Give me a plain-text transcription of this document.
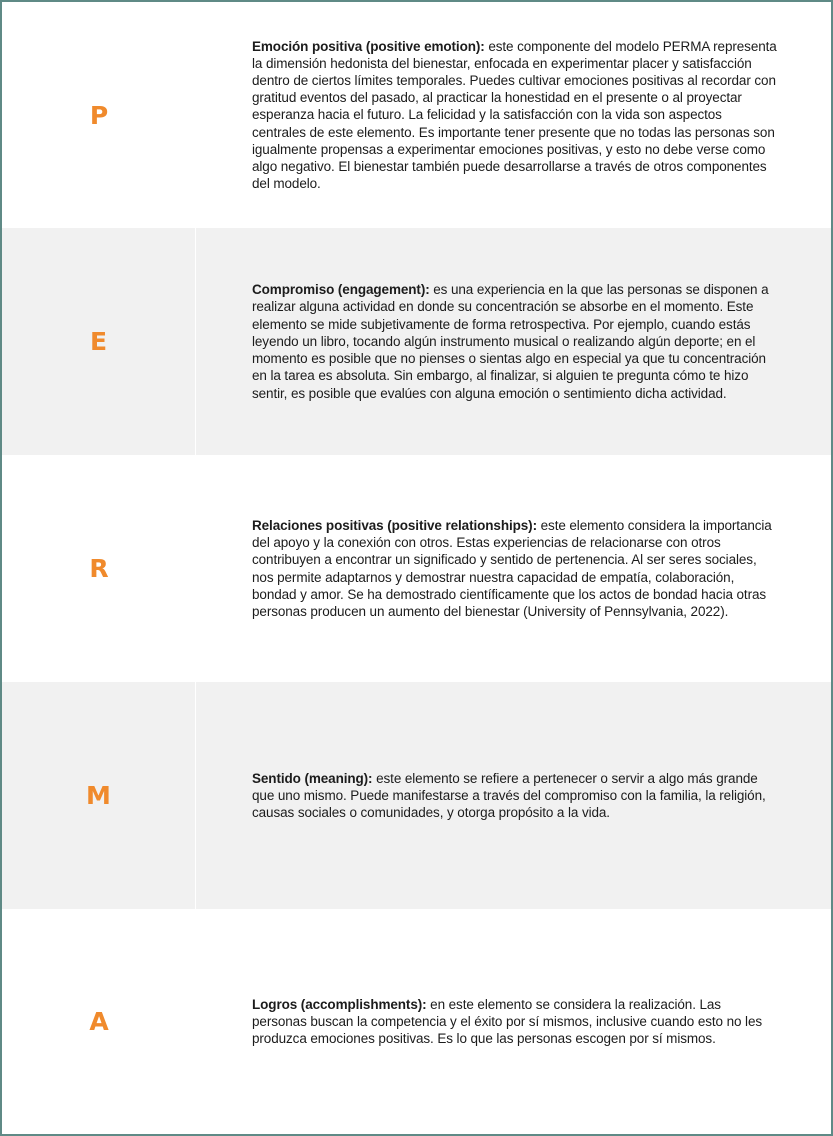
P

Emoción positiva (positive emotion): este componente del modelo PERMA representa la dimensión hedonista del bienestar, enfocada en experimentar placer y satisfacción dentro de ciertos límites temporales. Puedes cultivar emociones positivas al recordar con gratitud eventos del pasado, al practicar la honestidad en el presente o al proyectar esperanza hacia el futuro. La felicidad y la satisfacción con la vida son aspectos centrales de este elemento. Es importante tener presente que no todas las personas son igualmente propensas a experimentar emociones positivas, y esto no debe verse como algo negativo. El bienestar también puede desarrollarse a través de otros componentes del modelo.

E

Compromiso (engagement): es una experiencia en la que las personas se disponen a realizar alguna actividad en donde su concentración se absorbe en el momento. Este elemento se mide subjetivamente de forma retrospectiva. Por ejemplo, cuando estás leyendo un libro, tocando algún instrumento musical o realizando algún deporte; en el momento es posible que no pienses o sientas algo en especial ya que tu concentración en la tarea es absoluta. Sin embargo, al finalizar, si alguien te pregunta cómo te hizo sentir, es posible que evalúes con alguna emoción o sentimiento dicha actividad.

R

Relaciones positivas (positive relationships): este elemento considera la importancia del apoyo y la conexión con otros. Estas experiencias de relacionarse con otros contribuyen a encontrar un significado y sentido de pertenencia. Al ser seres sociales, nos permite adaptarnos y demostrar nuestra capacidad de empatía, colaboración, bondad y amor. Se ha demostrado científicamente que los actos de bondad hacia otras personas producen un aumento del bienestar (University of Pennsylvania, 2022).

M

Sentido (meaning): este elemento se refiere a pertenecer o servir a algo más grande que uno mismo. Puede manifestarse a través del compromiso con la familia, la religión, causas sociales o comunidades, y otorga propósito a la vida.

A

Logros (accomplishments): en este elemento se considera la realización. Las personas buscan la competencia y el éxito por sí mismos, inclusive cuando esto no les produzca emociones positivas. Es lo que las personas escogen por sí mismos.
